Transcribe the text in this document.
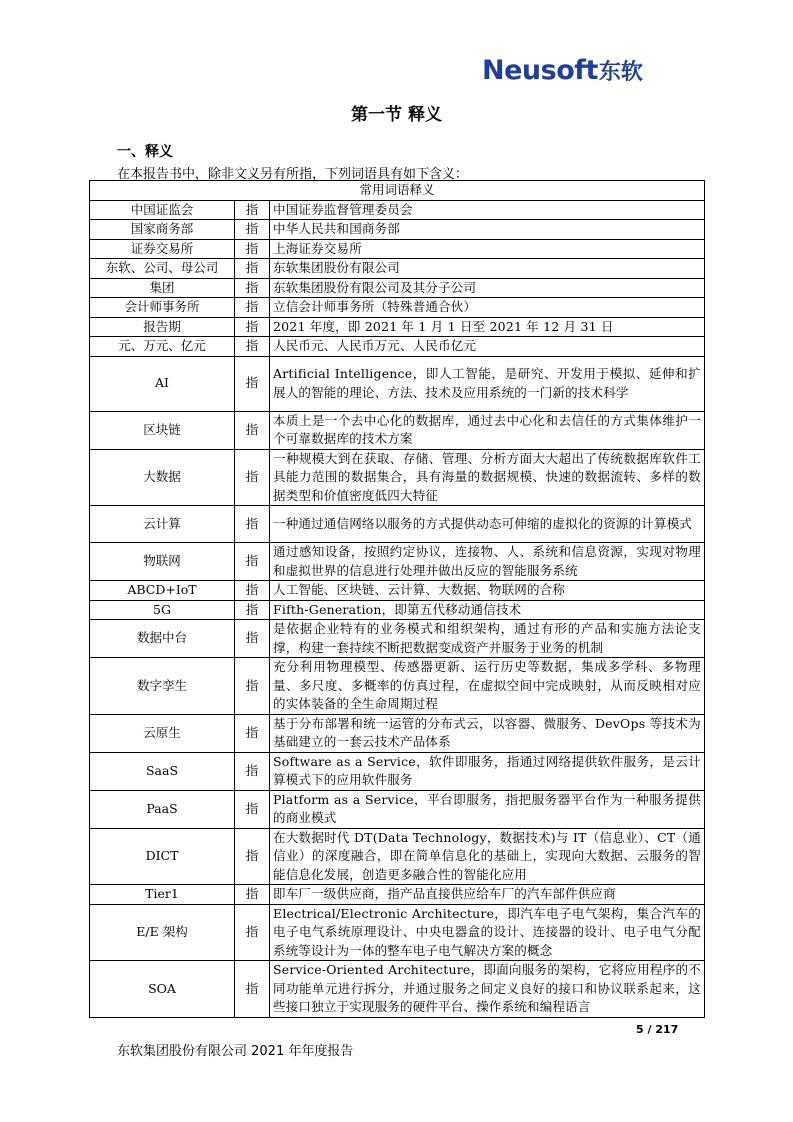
Neusoft 东软
第一节 释义
一、释义
在本报告书中，除非文义另有所指，下列词语具有如下含义：
常用词语释义		
中国证监会	指	中国证券监督管理委员会
国家商务部	指	中华人民共和国商务部
证券交易所	指	上海证券交易所
东软、公司、母公司	指	东软集团股份有限公司
集团	指	东软集团股份有限公司及其分子公司
会计师事务所	指	立信会计师事务所（特殊普通合伙）
报告期	指	2021 年度，即 2021 年 1 月 1 日至 2021 年 12 月 31 日
元、万元、亿元	指	人民币元、人民币万元、人民币亿元
AI	指	Artificial Intelligence，即人工智能，是研究、开发用于模拟、延伸和扩展人的智能的理论、方法、技术及应用系统的一门新的技术科学
区块链	指	本质上是一个去中心化的数据库，通过去中心化和去信任的方式集体维护一个可靠数据库的技术方案
大数据	指	一种规模大到在获取、存储、管理、分析方面大大超出了传统数据库软件工具能力范围的数据集合，具有海量的数据规模、快速的数据流转、多样的数据类型和价值密度低四大特征
云计算	指	一种通过通信网络以服务的方式提供动态可伸缩的虚拟化的资源的计算模式
物联网	指	通过感知设备，按照约定协议，连接物、人、系统和信息资源，实现对物理和虚拟世界的信息进行处理并做出反应的智能服务系统
ABCD+IoT	指	人工智能、区块链、云计算、大数据、物联网的合称
5G	指	Fifth-Generation，即第五代移动通信技术
数据中台	指	是依据企业特有的业务模式和组织架构，通过有形的产品和实施方法论支撑，构建一套持续不断把数据变成资产并服务于业务的机制
数字孪生	指	充分利用物理模型、传感器更新、运行历史等数据，集成多学科、多物理量、多尺度、多概率的仿真过程，在虚拟空间中完成映射，从而反映相对应的实体装备的全生命周期过程
云原生	指	基于分布部署和统一运管的分布式云，以容器、微服务、DevOps 等技术为基础建立的一套云技术产品体系
SaaS	指	Software as a Service，软件即服务，指通过网络提供软件服务，是云计算模式下的应用软件服务
PaaS	指	Platform as a Service，平台即服务，指把服务器平台作为一种服务提供的商业模式
DICT	指	在大数据时代 DT(Data Technology，数据技术)与 IT（信息业）、CT（通信业）的深度融合，即在简单信息化的基础上，实现向大数据、云服务的智能信息化发展，创造更多融合性的智能化应用
Tier1	指	即车厂一级供应商，指产品直接供应给车厂的汽车部件供应商
E/E 架构	指	Electrical/Electronic Architecture，即汽车电子电气架构，集合汽车的电子电气系统原理设计、中央电器盒的设计、连接器的设计、电子电气分配系统等设计为一体的整车电子电气解决方案的概念
SOA	指	Service-Oriented Architecture，即面向服务的架构，它将应用程序的不同功能单元进行拆分，并通过服务之间定义良好的接口和协议联系起来，这些接口独立于实现服务的硬件平台、操作系统和编程语言
5 / 217
东软集团股份有限公司 2021 年年度报告
